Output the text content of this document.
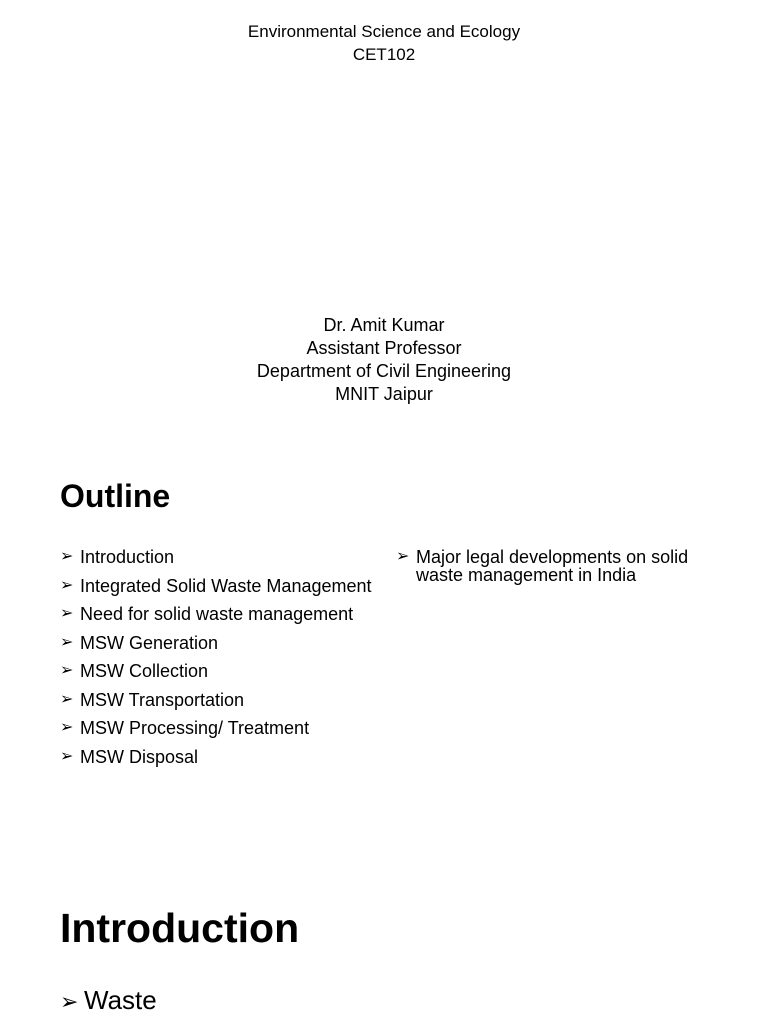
Environmental Science and Ecology
CET102
Dr. Amit Kumar
Assistant Professor
Department of Civil Engineering
MNIT Jaipur
Outline
➢ Introduction
➢ Integrated Solid Waste Management
➢ Need for solid waste management
➢ MSW Generation
➢ MSW Collection
➢ MSW Transportation
➢ MSW Processing/ Treatment
➢ MSW Disposal
➢ Major legal developments on solid waste management in India
Introduction
➢ Waste
